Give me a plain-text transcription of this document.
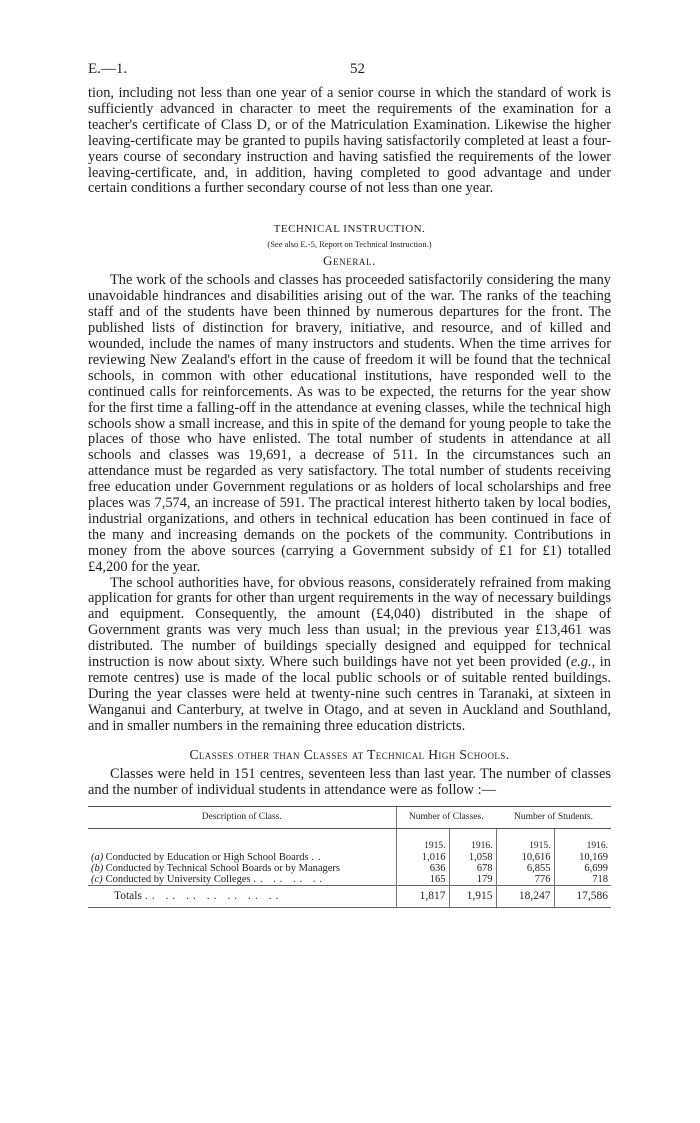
E.—1.	52

tion, including not less than one year of a senior course in which the standard of work is sufficiently advanced in character to meet the requirements of the examination for a teacher's certificate of Class D, or of the Matriculation Examination. Likewise the higher leaving-certificate may be granted to pupils having satisfactorily completed at least a four-years course of secondary instruction and having satisfied the requirements of the lower leaving-certificate, and, in addition, having completed to good advantage and under certain conditions a further secondary course of not less than one year.

TECHNICAL INSTRUCTION.
(See also E.-5, Report on Technical Instruction.)
General.

The work of the schools and classes has proceeded satisfactorily considering the many unavoidable hindrances and disabilities arising out of the war. The ranks of the teaching staff and of the students have been thinned by numerous departures for the front. The published lists of distinction for bravery, initiative, and resource, and of killed and wounded, include the names of many instructors and students. When the time arrives for reviewing New Zealand's effort in the cause of freedom it will be found that the technical schools, in common with other educational institutions, have responded well to the continued calls for reinforcements. As was to be expected, the returns for the year show for the first time a falling-off in the attendance at evening classes, while the technical high schools show a small increase, and this in spite of the demand for young people to take the places of those who have enlisted. The total number of students in attendance at all schools and classes was 19,691, a decrease of 511. In the circumstances such an attendance must be regarded as very satisfactory. The total number of students receiving free education under Government regulations or as holders of local scholarships and free places was 7,574, an increase of 591. The practical interest hitherto taken by local bodies, industrial organizations, and others in technical education has been continued in face of the many and increasing demands on the pockets of the community. Contributions in money from the above sources (carrying a Government subsidy of £1 for £1) totalled £4,200 for the year.

The school authorities have, for obvious reasons, considerately refrained from making application for grants for other than urgent requirements in the way of necessary buildings and equipment. Consequently, the amount (£4,040) distributed in the shape of Government grants was very much less than usual; in the previous year £13,461 was distributed. The number of buildings specially designed and equipped for technical instruction is now about sixty. Where such buildings have not yet been provided (e.g., in remote centres) use is made of the local public schools or of suitable rented buildings. During the year classes were held at twenty-nine such centres in Taranaki, at sixteen in Wanganui and Canterbury, at twelve in Otago, and at seven in Auckland and Southland, and in smaller numbers in the remaining three education districts.

Classes other than Classes at Technical High Schools.

Classes were held in 151 centres, seventeen less than last year. The number of classes and the number of individual students in attendance were as follow :—

Description of Class.	Number of Classes.		Number of Students.	
	1915.	1916.	1915.	1916.
(a) Conducted by Education or High School Boards ..	1,016	1,058	10,616	10,169
(b) Conducted by Technical School Boards or by Managers	636	678	6,855	6,699
(c) Conducted by University Colleges .. .. .. ..	165	179	776	718
Totals .. .. .. .. .. .. ..	1,817	1,915	18,247	17,586
